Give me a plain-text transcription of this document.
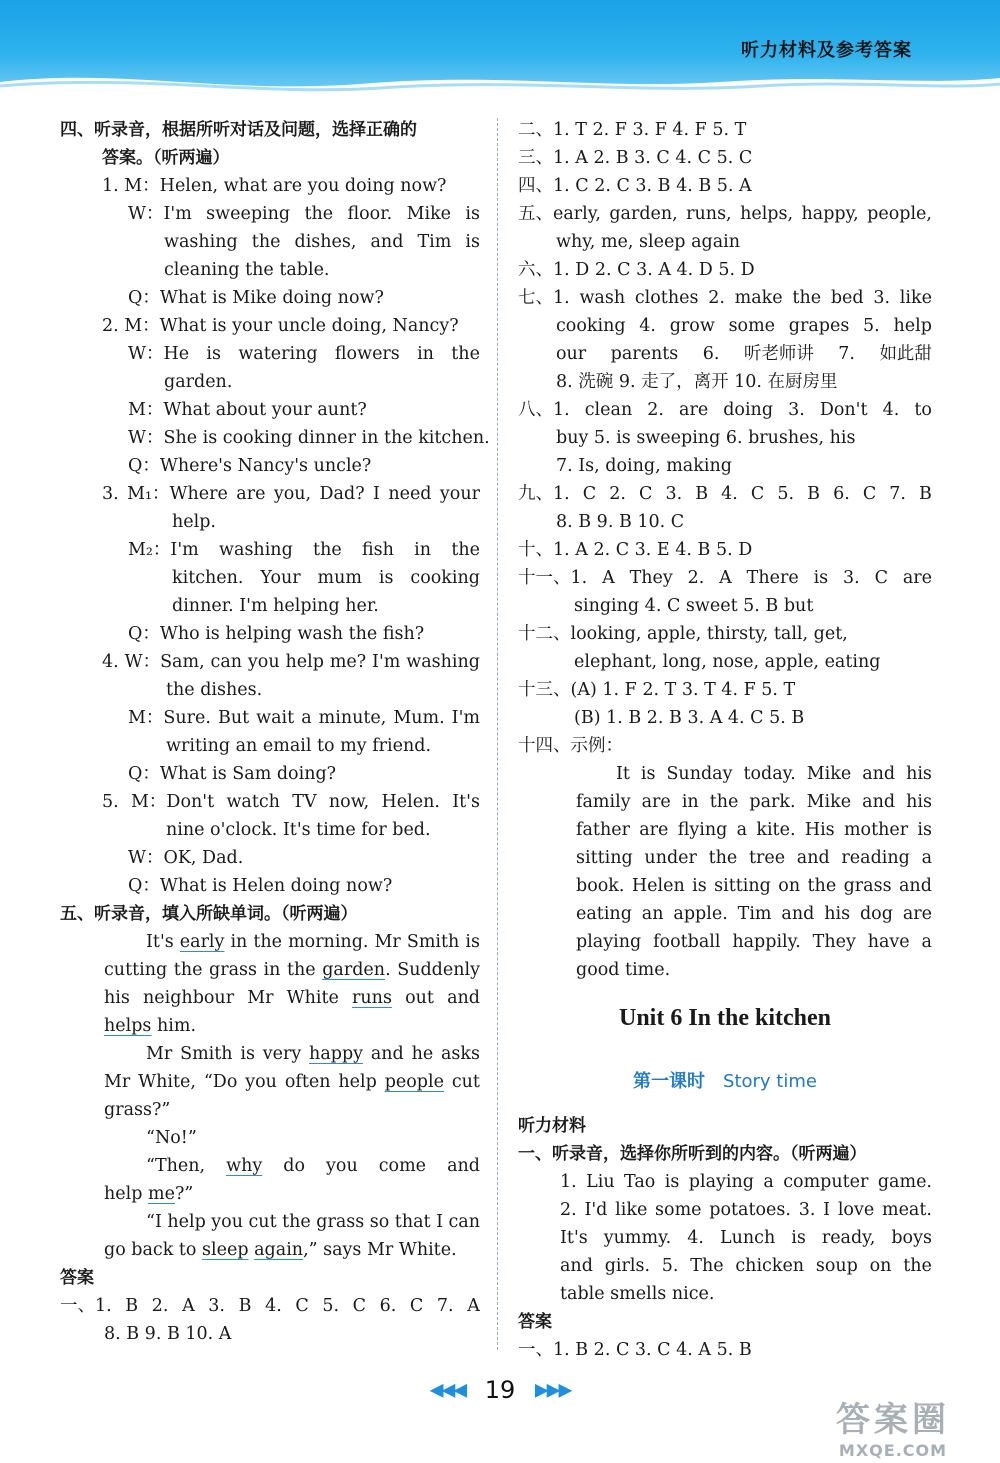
听力材料及参考答案
四、听录音，根据所听对话及问题，选择正确的
答案。（听两遍）
1. M：Helen, what are you doing now?
W：I'm sweeping the floor. Mike is
washing the dishes, and Tim is
cleaning the table.
Q：What is Mike doing now?
2. M：What is your uncle doing, Nancy?
W：He is watering flowers in the
garden.
M：What about your aunt?
W：She is cooking dinner in the kitchen.
Q：Where's Nancy's uncle?
3. M₁：Where are you, Dad? I need your
help.
M₂：I'm washing the fish in the
kitchen. Your mum is cooking
dinner. I'm helping her.
Q：Who is helping wash the fish?
4. W：Sam, can you help me? I'm washing
the dishes.
M：Sure. But wait a minute, Mum. I'm
writing an email to my friend.
Q：What is Sam doing?
5. M：Don't watch TV now, Helen. It's
nine o'clock. It's time for bed.
W：OK, Dad.
Q：What is Helen doing now?
五、听录音，填入所缺单词。（听两遍）
It's early in the morning. Mr Smith is
cutting the grass in the garden. Suddenly
his neighbour Mr White runs out and
helps him.
Mr Smith is very happy and he asks
Mr White, “Do you often help people cut
grass?”
“No!”
“Then, why do you come and
help me?”
“I help you cut the grass so that I can
go back to sleep again,” says Mr White.
答案
一、1. B 2. A 3. B 4. C 5. C 6. C 7. A
8. B 9. B 10. A
二、1. T 2. F 3. F 4. F 5. T
三、1. A 2. B 3. C 4. C 5. C
四、1. C 2. C 3. B 4. B 5. A
五、early, garden, runs, helps, happy, people,
why, me, sleep again
六、1. D 2. C 3. A 4. D 5. D
七、1. wash clothes 2. make the bed 3. like
cooking 4. grow some grapes 5. help
our parents 6. 听老师讲 7. 如此甜
8. 洗碗 9. 走了，离开 10. 在厨房里
八、1. clean 2. are doing 3. Don't 4. to
buy 5. is sweeping 6. brushes, his
7. Is, doing, making
九、1. C 2. C 3. B 4. C 5. B 6. C 7. B
8. B 9. B 10. C
十、1. A 2. C 3. E 4. B 5. D
十一、1. A They 2. A There is 3. C are
singing 4. C sweet 5. B but
十二、looking, apple, thirsty, tall, get,
elephant, long, nose, apple, eating
十三、(A) 1. F 2. T 3. T 4. F 5. T
(B) 1. B 2. B 3. A 4. C 5. B
十四、示例：
It is Sunday today. Mike and his
family are in the park. Mike and his
father are flying a kite. His mother is
sitting under the tree and reading a
book. Helen is sitting on the grass and
eating an apple. Tim and his dog are
playing football happily. They have a
good time.
Unit 6 In the kitchen
第一课时 Story time
听力材料
一、听录音，选择你所听到的内容。（听两遍）
1. Liu Tao is playing a computer game.
2. I'd like some potatoes. 3. I love meat.
It's yummy. 4. Lunch is ready, boys
and girls. 5. The chicken soup on the
table smells nice.
答案
一、1. B 2. C 3. C 4. A 5. B
◀◀◀ 19 ▶▶▶
答案圈
MXQE.COM
